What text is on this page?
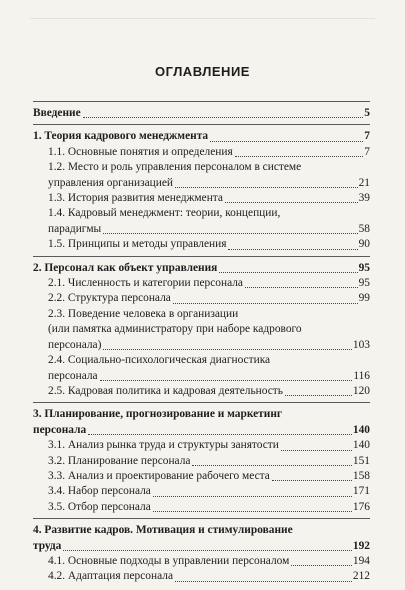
ОГЛАВЛЕНИЕ
Введение	5
1. Теория кадрового менеджмента	7
1.1. Основные понятия и определения	7
1.2. Место и роль управления персоналом в системе
управления организацией	21
1.3. История развития менеджмента	39
1.4. Кадровый менеджмент: теории, концепции,
парадигмы	58
1.5. Принципы и методы управления	90
2. Персонал как объект управления	95
2.1. Численность и категории персонала	95
2.2. Структура персонала	99
2.3. Поведение человека в организации
(или памятка администратору при наборе кадрового
персонала)	103
2.4. Социально-психологическая диагностика
персонала	116
2.5. Кадровая политика и кадровая деятельность	120
3. Планирование, прогнозирование и маркетинг
персонала	140
3.1. Анализ рынка труда и структуры занятости	140
3.2. Планирование персонала	151
3.3. Анализ и проектирование рабочего места	158
3.4. Набор персонала	171
3.5. Отбор персонала	176
4. Развитие кадров. Мотивация и стимулирование
труда	192
4.1. Основные подходы в управлении персоналом	194
4.2. Адаптация персонала	212
